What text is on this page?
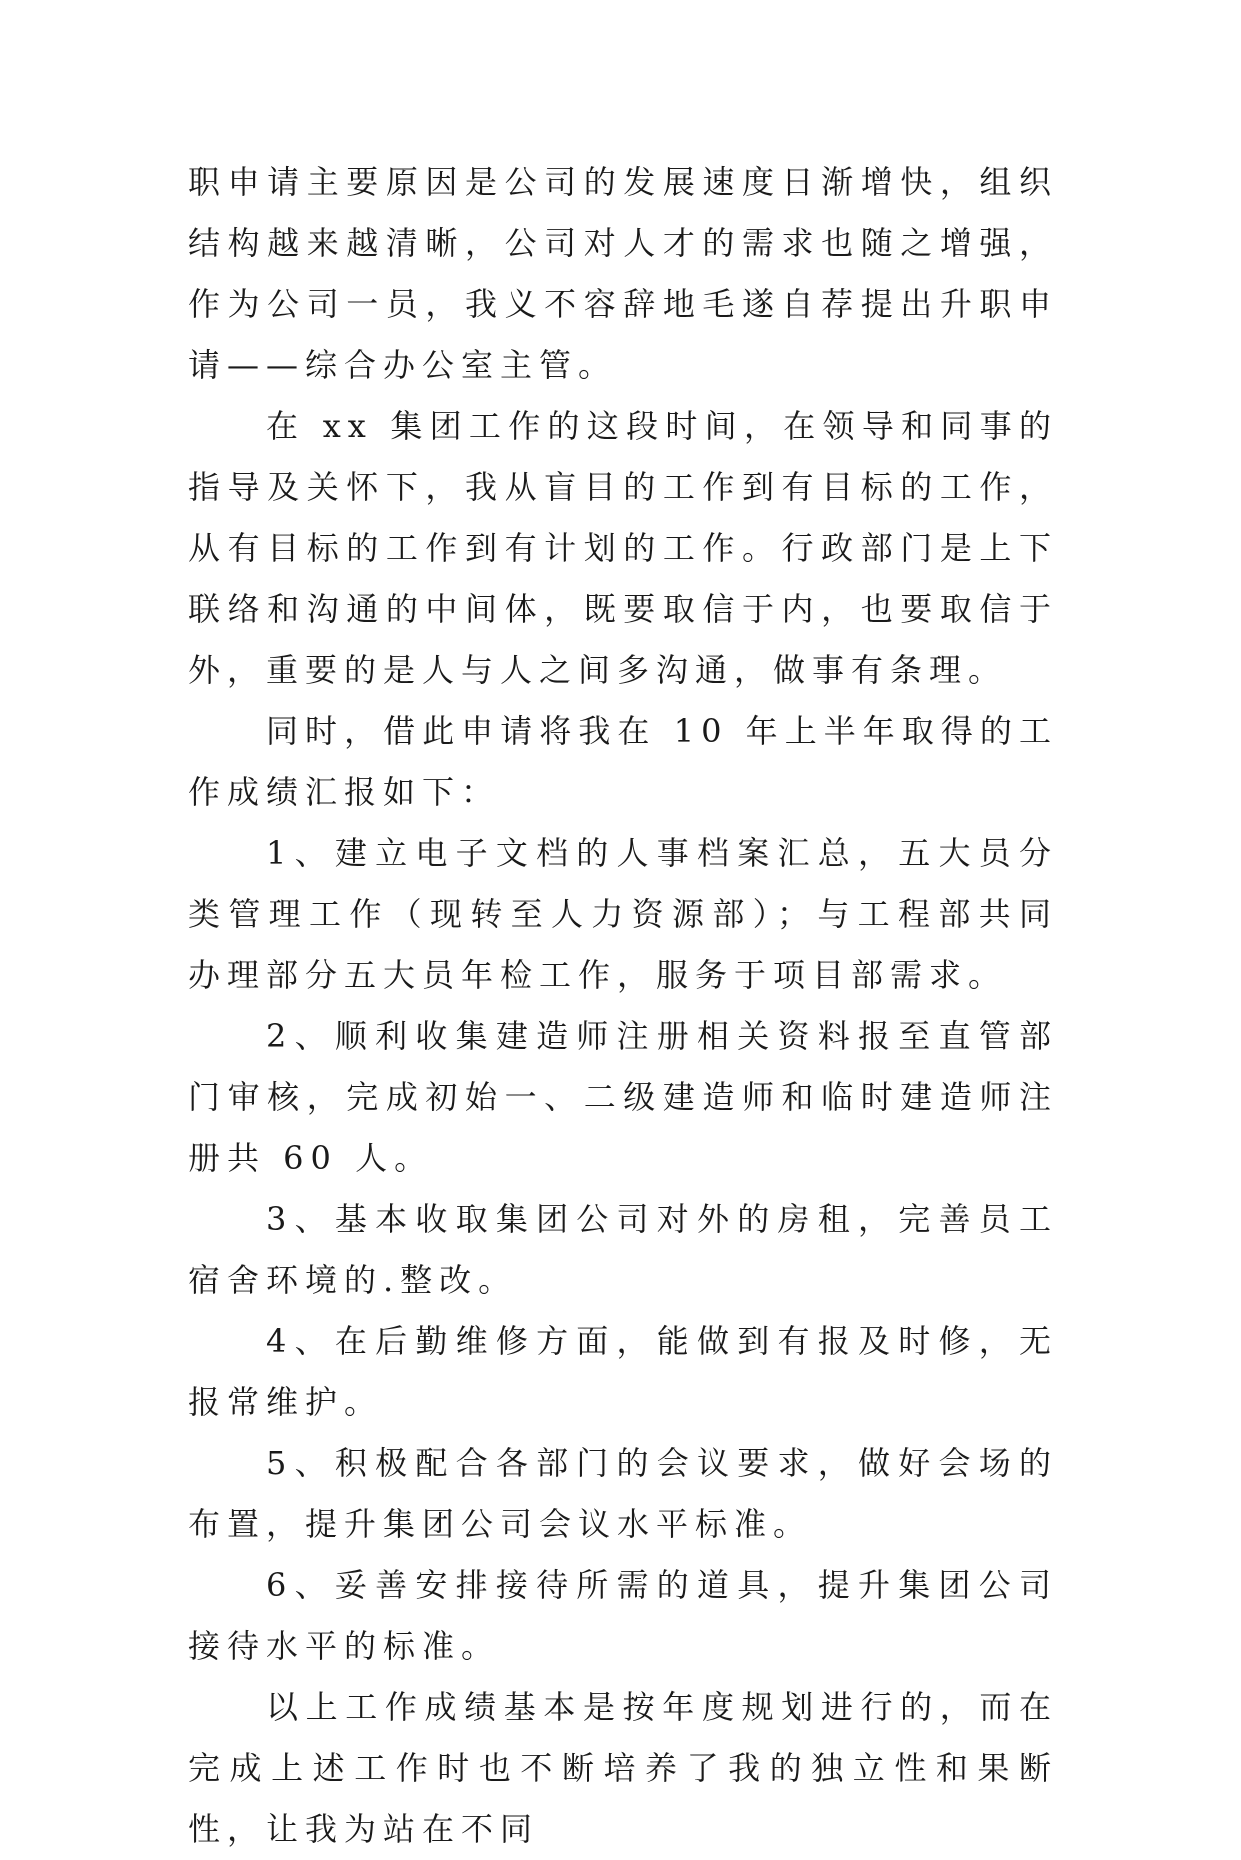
职申请主要原因是公司的发展速度日渐增快，组织结构越来越清晰，公司对人才的需求也随之增强，作为公司一员，我义不容辞地毛遂自荐提出升职申请——综合办公室主管。

在 xx 集团工作的这段时间，在领导和同事的指导及关怀下，我从盲目的工作到有目标的工作，从有目标的工作到有计划的工作。行政部门是上下联络和沟通的中间体，既要取信于内，也要取信于外，重要的是人与人之间多沟通，做事有条理。

同时，借此申请将我在 10 年上半年取得的工作成绩汇报如下：

1、建立电子文档的人事档案汇总，五大员分类管理工作（现转至人力资源部）；与工程部共同办理部分五大员年检工作，服务于项目部需求。

2、顺利收集建造师注册相关资料报至直管部门审核，完成初始一、二级建造师和临时建造师注册共 60 人。

3、基本收取集团公司对外的房租，完善员工宿舍环境的.整改。

4、在后勤维修方面，能做到有报及时修，无报常维护。

5、积极配合各部门的会议要求，做好会场的布置，提升集团公司会议水平标准。

6、妥善安排接待所需的道具，提升集团公司接待水平的标准。

以上工作成绩基本是按年度规划进行的，而在完成上述工作时也不断培养了我的独立性和果断性，让我为站在不同
